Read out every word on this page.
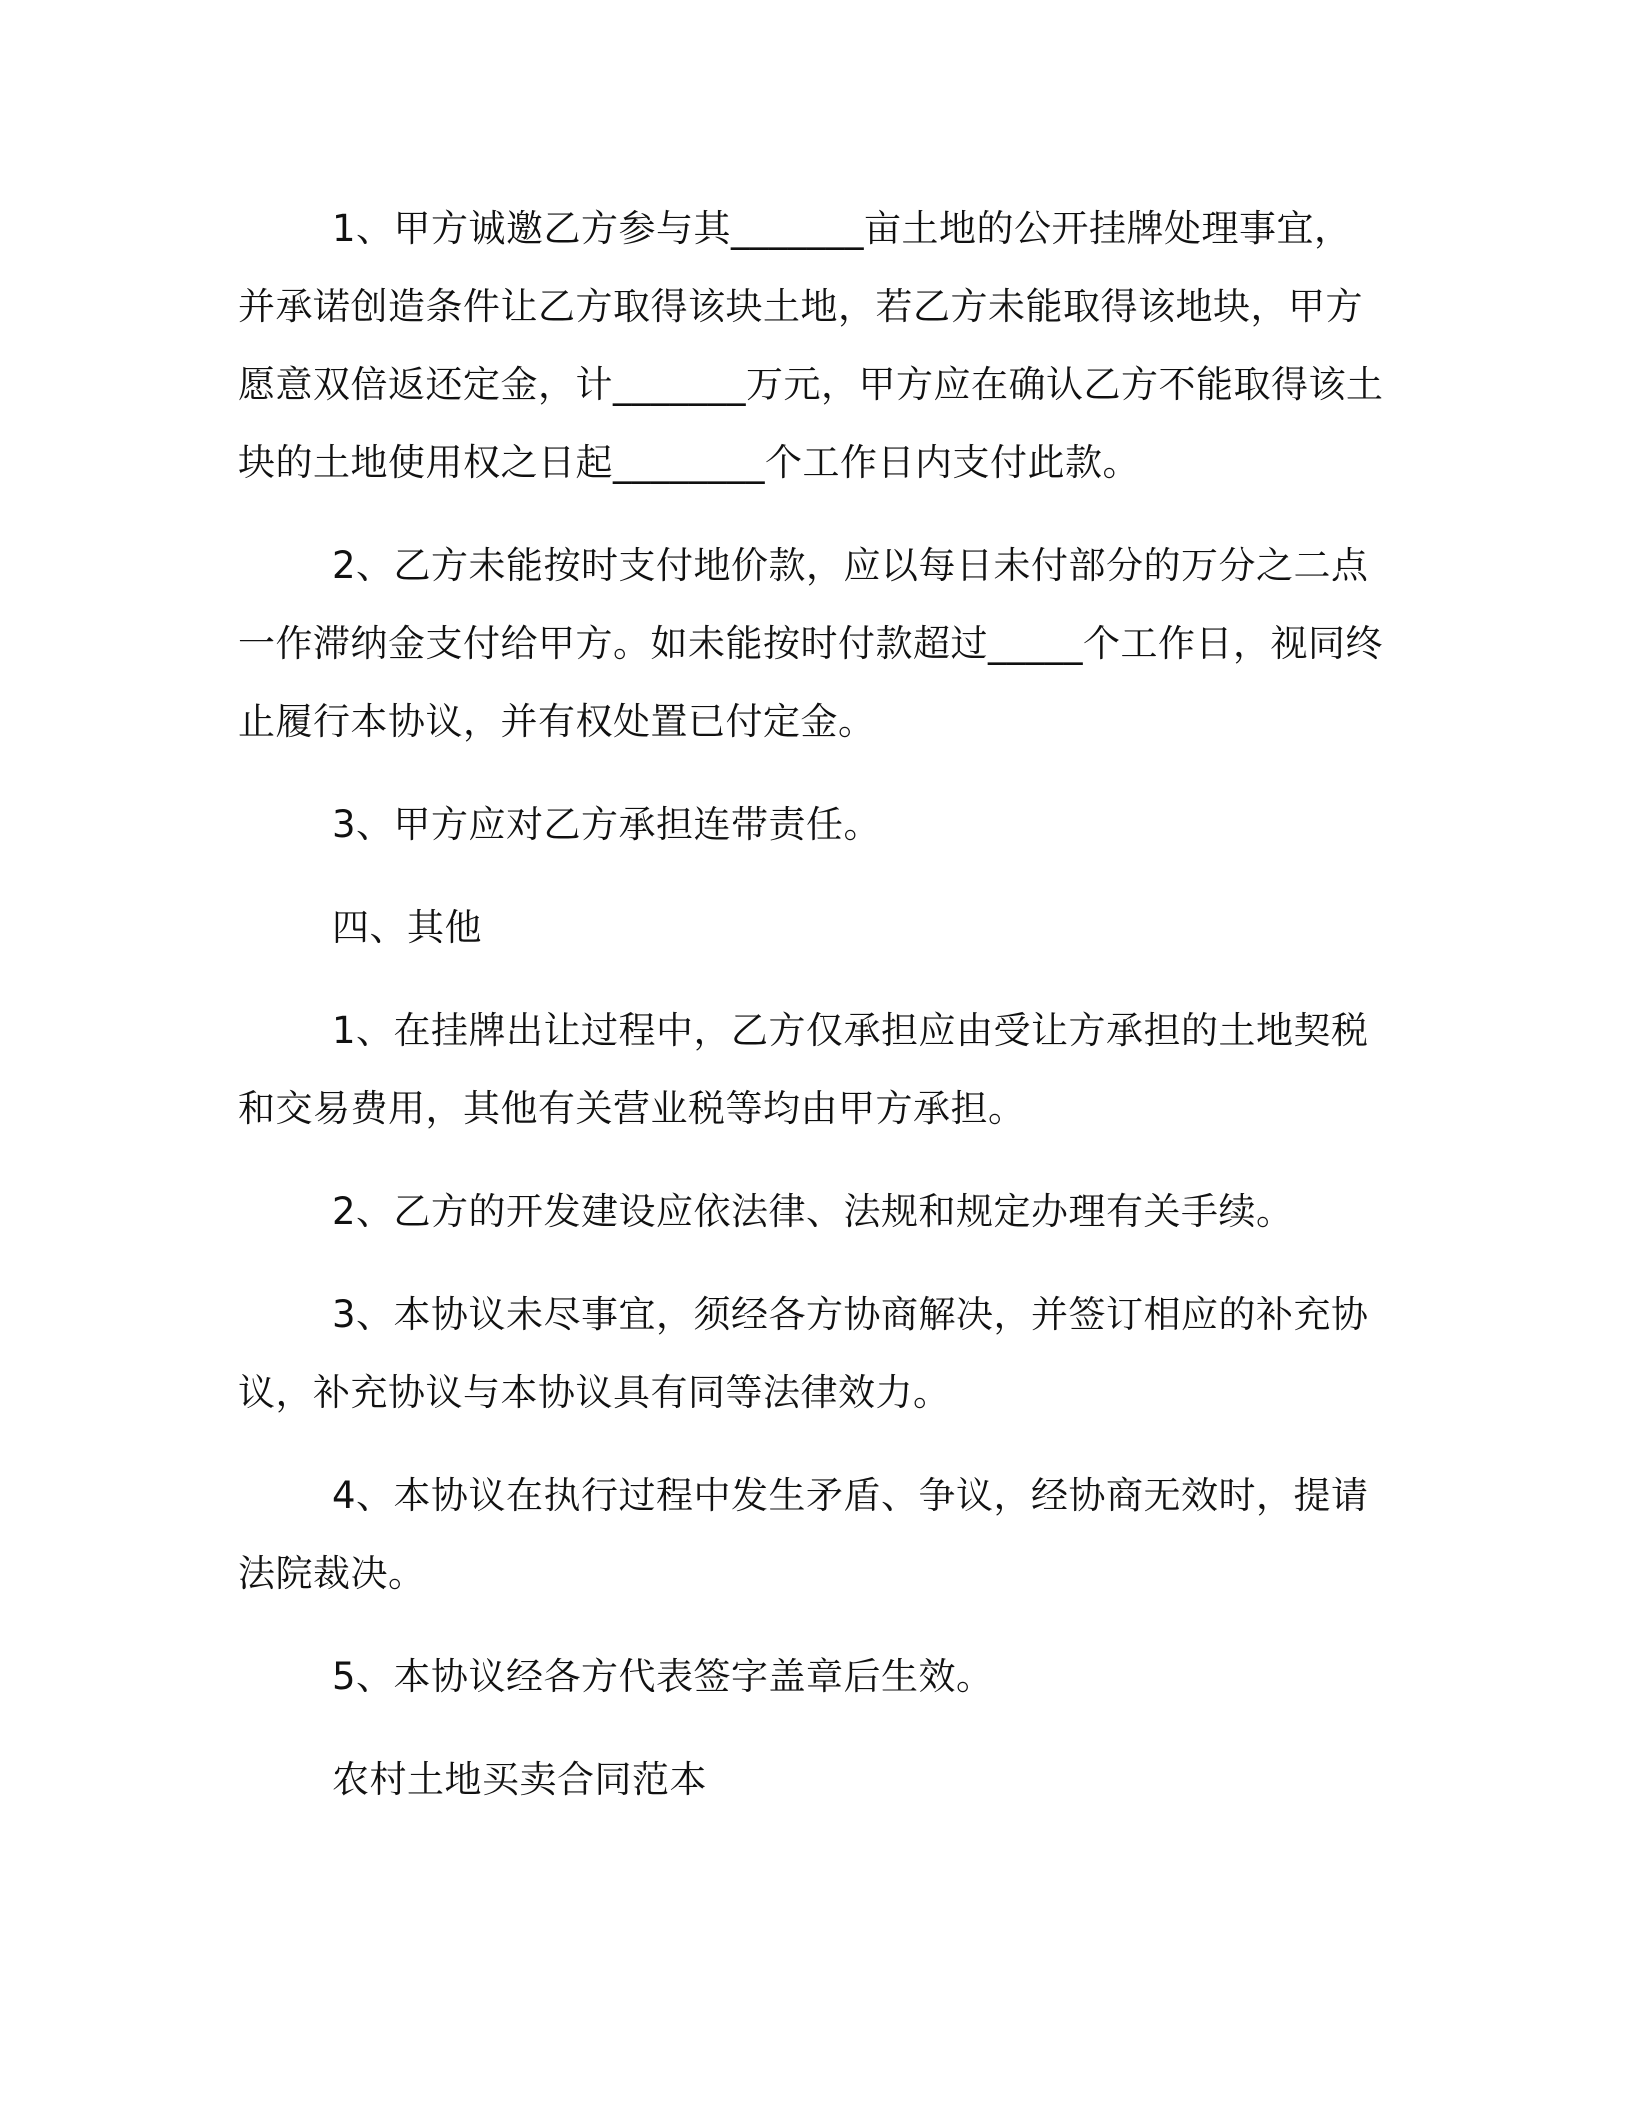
1、甲方诚邀乙方参与其_______亩土地的公开挂牌处理事宜，并承诺创造条件让乙方取得该块土地，若乙方未能取得该地块，甲方愿意双倍返还定金，计_______万元，甲方应在确认乙方不能取得该土块的土地使用权之日起________个工作日内支付此款。

2、乙方未能按时支付地价款，应以每日未付部分的万分之二点一作滞纳金支付给甲方。如未能按时付款超过_____个工作日，视同终止履行本协议，并有权处置已付定金。

3、甲方应对乙方承担连带责任。

四、其他

1、在挂牌出让过程中，乙方仅承担应由受让方承担的土地契税和交易费用，其他有关营业税等均由甲方承担。

2、乙方的开发建设应依法律、法规和规定办理有关手续。

3、本协议未尽事宜，须经各方协商解决，并签订相应的补充协议，补充协议与本协议具有同等法律效力。

4、本协议在执行过程中发生矛盾、争议，经协商无效时，提请法院裁决。

5、本协议经各方代表签字盖章后生效。

农村土地买卖合同范本
